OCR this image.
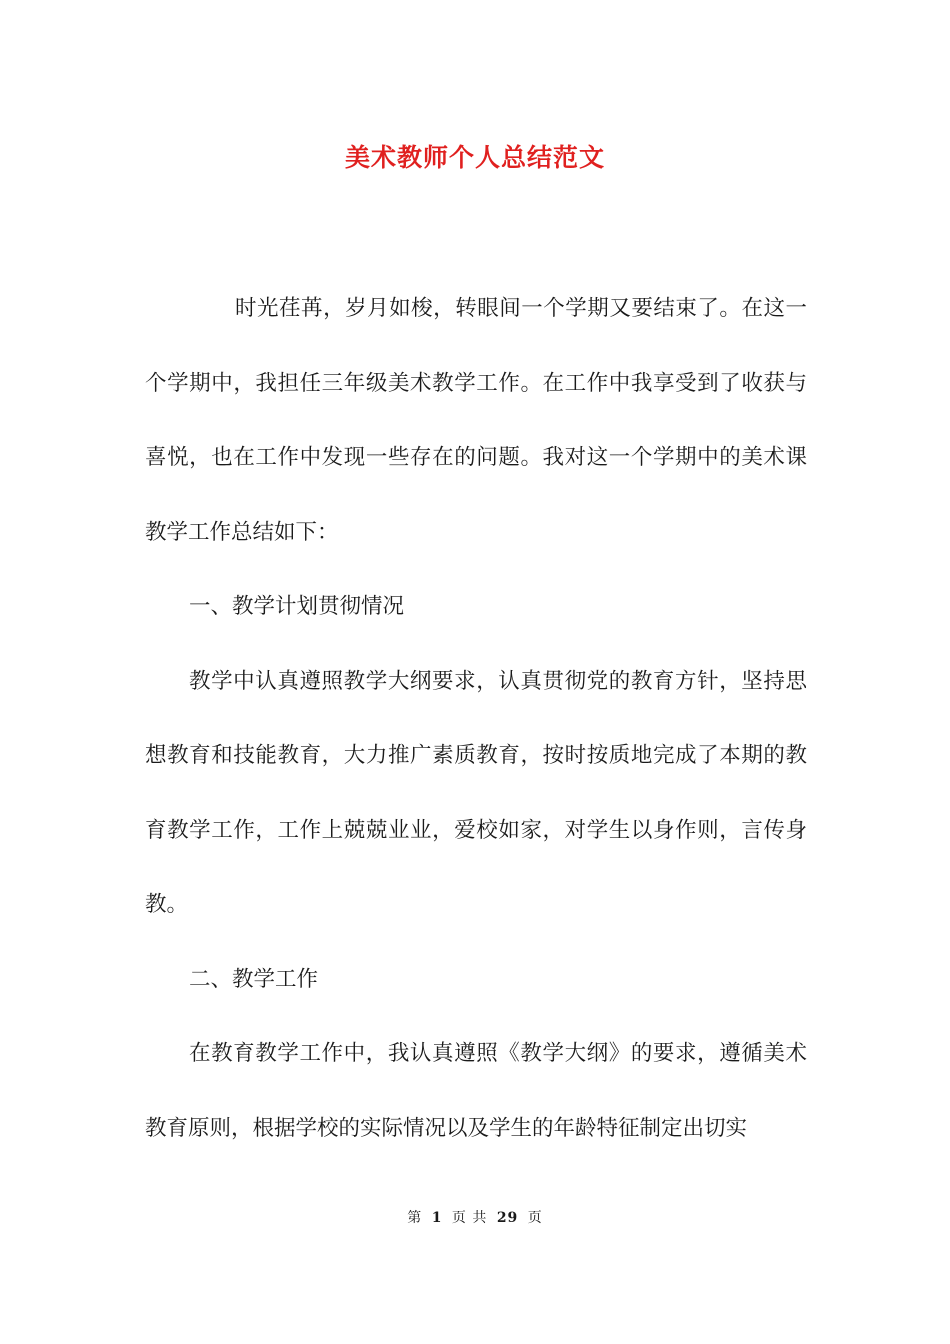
美术教师个人总结范文

时光荏苒，岁月如梭，转眼间一个学期又要结束了。在这一个学期中，我担任三年级美术教学工作。在工作中我享受到了收获与喜悦，也在工作中发现一些存在的问题。我对这一个学期中的美术课教学工作总结如下：

一、教学计划贯彻情况

教学中认真遵照教学大纲要求，认真贯彻党的教育方针，坚持思想教育和技能教育，大力推广素质教育，按时按质地完成了本期的教育教学工作，工作上兢兢业业，爱校如家，对学生以身作则，言传身教。

二、教学工作

在教育教学工作中，我认真遵照《教学大纲》的要求，遵循美术教育原则，根据学校的实际情况以及学生的年龄特征制定出切实

第 1 页 共 29 页
